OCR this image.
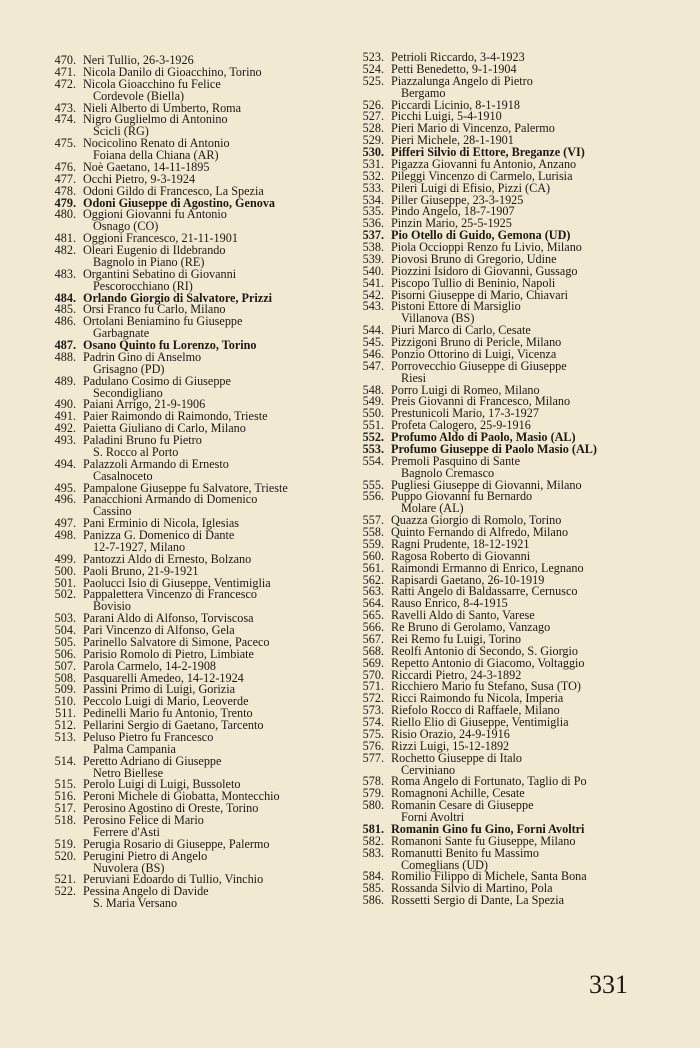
470. Neri Tullio, 26-3-1926
471. Nicola Danilo di Gioacchino, Torino
472. Nicola Gioacchino fu Felice
Cordevole (Biella)
473. Nieli Alberto di Umberto, Roma
474. Nigro Guglielmo di Antonino
Scicli (RG)
475. Nocicolino Renato di Antonio
Foiana della Chiana (AR)
476. Noè Gaetano, 14-11-1895
477. Occhi Pietro, 9-3-1924
478. Odoni Gildo di Francesco, La Spezia
479. Odoni Giuseppe di Agostino, Genova
480. Oggioni Giovanni fu Antonio
Osnago (CO)
481. Oggioni Francesco, 21-11-1901
482. Oleari Eugenio di Ildebrando
Bagnolo in Piano (RE)
483. Organtini Sebatino di Giovanni
Pescorocchiano (RI)
484. Orlando Giorgio di Salvatore, Prizzi
485. Orsi Franco fu Carlo, Milano
486. Ortolani Beniamino fu Giuseppe
Garbagnate
487. Osano Quinto fu Lorenzo, Torino
488. Padrin Gino di Anselmo
Grisagno (PD)
489. Padulano Cosimo di Giuseppe
Secondigliano
490. Paiani Arrigo, 21-9-1906
491. Paier Raimondo di Raimondo, Trieste
492. Paietta Giuliano di Carlo, Milano
493. Paladini Bruno fu Pietro
S. Rocco al Porto
494. Palazzoli Armando di Ernesto
Casalnoceto
495. Pampalone Giuseppe fu Salvatore, Trieste
496. Panacchioni Armando di Domenico
Cassino
497. Pani Erminio di Nicola, Iglesias
498. Panizza G. Domenico di Dante
12-7-1927, Milano
499. Pantozzi Aldo di Ernesto, Bolzano
500. Paoli Bruno, 21-9-1921
501. Paolucci Isio di Giuseppe, Ventimiglia
502. Pappalettera Vincenzo di Francesco
Bovisio
503. Parani Aldo di Alfonso, Torviscosa
504. Pari Vincenzo di Alfonso, Gela
505. Parinello Salvatore di Simone, Paceco
506. Parisio Romolo di Pietro, Limbiate
507. Parola Carmelo, 14-2-1908
508. Pasquarelli Amedeo, 14-12-1924
509. Passini Primo di Luigi, Gorizia
510. Peccolo Luigi di Mario, Leoverde
511. Pedinelli Mario fu Antonio, Trento
512. Pellarini Sergio di Gaetano, Tarcento
513. Peluso Pietro fu Francesco
Palma Campania
514. Peretto Adriano di Giuseppe
Netro Biellese
515. Perolo Luigi di Luigi, Bussoleto
516. Peroni Michele di Giobatta, Montecchio
517. Perosino Agostino di Oreste, Torino
518. Perosino Felice di Mario
Ferrere d'Asti
519. Perugia Rosario di Giuseppe, Palermo
520. Perugini Pietro di Angelo
Nuvolera (BS)
521. Peruviani Edoardo di Tullio, Vinchio
522. Pessina Angelo di Davide
S. Maria Versano
523. Petrioli Riccardo, 3-4-1923
524. Petti Benedetto, 9-1-1904
525. Piazzalunga Angelo di Pietro
Bergamo
526. Piccardi Licinio, 8-1-1918
527. Picchi Luigi, 5-4-1910
528. Pieri Mario di Vincenzo, Palermo
529. Pieri Michele, 28-1-1901
530. Pifferi Silvio di Ettore, Breganze (VI)
531. Pigazza Giovanni fu Antonio, Anzano
532. Pileggi Vincenzo di Carmelo, Lurisia
533. Pileri Luigi di Efisio, Pizzi (CA)
534. Piller Giuseppe, 23-3-1925
535. Pindo Angelo, 18-7-1907
536. Pinzin Mario, 25-5-1925
537. Pio Otello di Guido, Gemona (UD)
538. Piola Occioppi Renzo fu Livio, Milano
539. Piovosi Bruno di Gregorio, Udine
540. Piozzini Isidoro di Giovanni, Gussago
541. Piscopo Tullio di Beninio, Napoli
542. Pisorni Giuseppe di Mario, Chiavari
543. Pistoni Ettore di Marsiglio
Villanova (BS)
544. Piuri Marco di Carlo, Cesate
545. Pizzigoni Bruno di Pericle, Milano
546. Ponzio Ottorino di Luigi, Vicenza
547. Porrovecchio Giuseppe di Giuseppe
Riesi
548. Porro Luigi di Romeo, Milano
549. Preis Giovanni di Francesco, Milano
550. Prestunicoli Mario, 17-3-1927
551. Profeta Calogero, 25-9-1916
552. Profumo Aldo di Paolo, Masio (AL)
553. Profumo Giuseppe di Paolo Masio (AL)
554. Premoli Pasquino di Sante
Bagnolo Cremasco
555. Pugliesi Giuseppe di Giovanni, Milano
556. Puppo Giovanni fu Bernardo
Molare (AL)
557. Quazza Giorgio di Romolo, Torino
558. Quinto Fernando di Alfredo, Milano
559. Ragni Prudente, 18-12-1921
560. Ragosa Roberto di Giovanni
561. Raimondi Ermanno di Enrico, Legnano
562. Rapisardi Gaetano, 26-10-1919
563. Ratti Angelo di Baldassarre, Cernusco
564. Rauso Enrico, 8-4-1915
565. Ravelli Aldo di Santo, Varese
566. Re Bruno di Gerolamo, Vanzago
567. Rei Remo fu Luigi, Torino
568. Reolfi Antonio di Secondo, S. Giorgio
569. Repetto Antonio di Giacomo, Voltaggio
570. Riccardi Pietro, 24-3-1892
571. Ricchiero Mario fu Stefano, Susa (TO)
572. Ricci Raimondo fu Nicola, Imperia
573. Riefolo Rocco di Raffaele, Milano
574. Riello Elio di Giuseppe, Ventimiglia
575. Risio Orazio, 24-9-1916
576. Rizzi Luigi, 15-12-1892
577. Rochetto Giuseppe di Italo
Cerviniano
578. Roma Angelo di Fortunato, Taglio di Po
579. Romagnoni Achille, Cesate
580. Romanin Cesare di Giuseppe
Forni Avoltri
581. Romanin Gino fu Gino, Forni Avoltri
582. Romanoni Sante fu Giuseppe, Milano
583. Romanutti Benito fu Massimo
Comeglians (UD)
584. Romilio Filippo di Michele, Santa Bona
585. Rossanda Silvio di Martino, Pola
586. Rossetti Sergio di Dante, La Spezia
331
